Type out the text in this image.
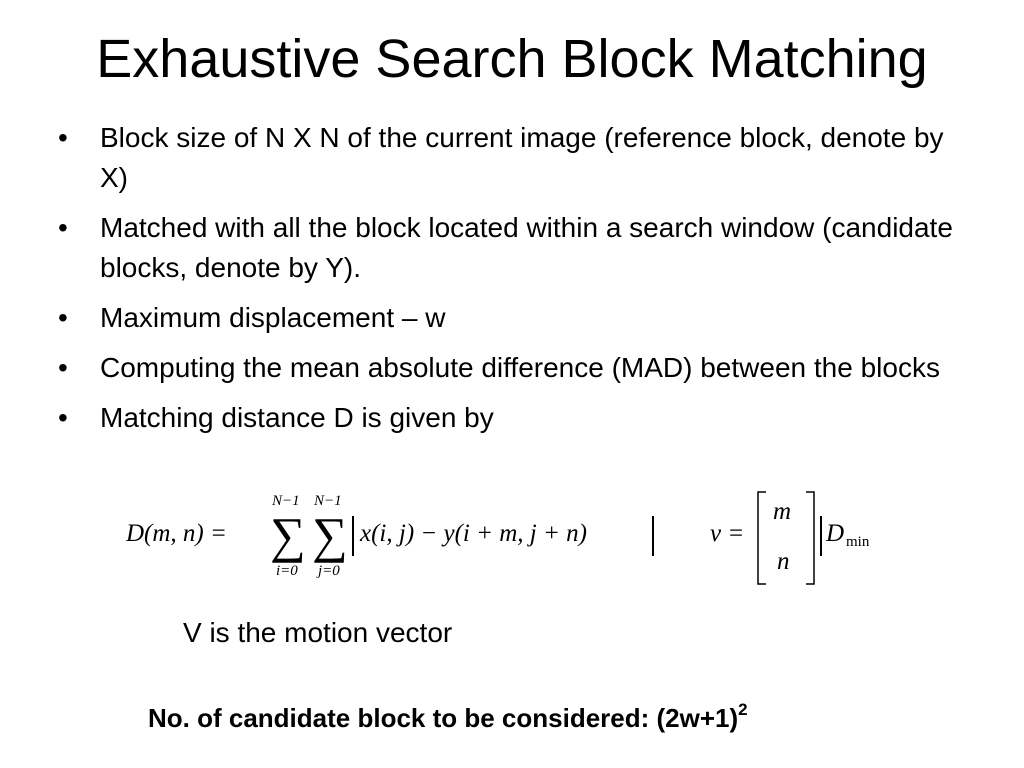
Exhaustive Search Block Matching
• Block size of N X N of the current image (reference block, denote by X)
• Matched with all the block located within a search window (candidate blocks, denote by Y).
• Maximum displacement – w
• Computing the mean absolute difference (MAD) between the blocks
• Matching distance D is given by
D(m, n) =
N−1
∑
i=0
N−1
∑
j=0
x(i, j) − y(i + m, j + n)	v =
m
n
D min
V is the motion vector
No. of candidate block to be considered: $(2w+1)^2$
